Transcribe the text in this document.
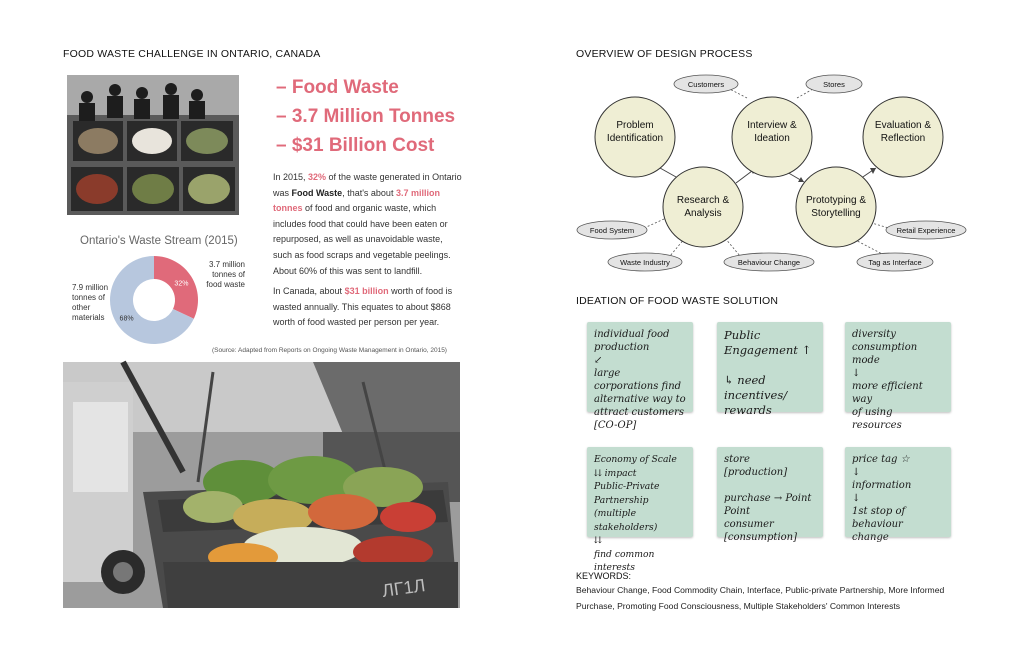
FOOD WASTE CHALLENGE IN ONTARIO, CANADA
– Food Waste
– 3.7 Million Tonnes
– $31 Billion Cost
In 2015, 32% of the waste generated in Ontario was Food Waste, that's about 3.7 million tonnes of food and organic waste, which includes food that could have been eaten or repurposed, as well as unavoidable waste, such as food scraps and vegetable peelings. About 60% of this was sent to landfill.
In Canada, about $31 billion worth of food is wasted annually. This equates to about $868 worth of food wasted per person per year.
Ontario's Waste Stream (2015)
32%
68%
7.9 million tonnes of other materials
3.7 million tonnes of food waste
(Source: Adapted from Reports on Ongoing Waste Management in Ontario, 2015)
ЛГ1Л
OVERVIEW OF DESIGN PROCESS
Problem
Identification
Interview &
Ideation
Evaluation &
Reflection
Research &
Analysis
Prototyping &
Storytelling
Customers	Stores
Food System
Waste Industry	Behaviour Change
Retail Experience
Tag as Interface
IDEATION OF FOOD WASTE SOLUTION
individual food
production
↙
large corporations find
alternative way to
attract customers
[CO-OP]
Public Engagement ↑

↳ need
incentives/
rewards
diversity
consumption mode
↓
more efficient way
of using resources
Economy of Scale
⇊ impact
Public-Private Partnership
(multiple stakeholders)
⇊
find common interests
store [production]

purchase → Point
Point
consumer
[consumption]
price tag ☆
↓
information
↓
1st stop of behaviour
change
KEYWORDS:
Behaviour Change, Food Commodity Chain, Interface, Public-private Partnership, More Informed Purchase, Promoting Food Consciousness, Multiple Stakeholders' Common Interests
